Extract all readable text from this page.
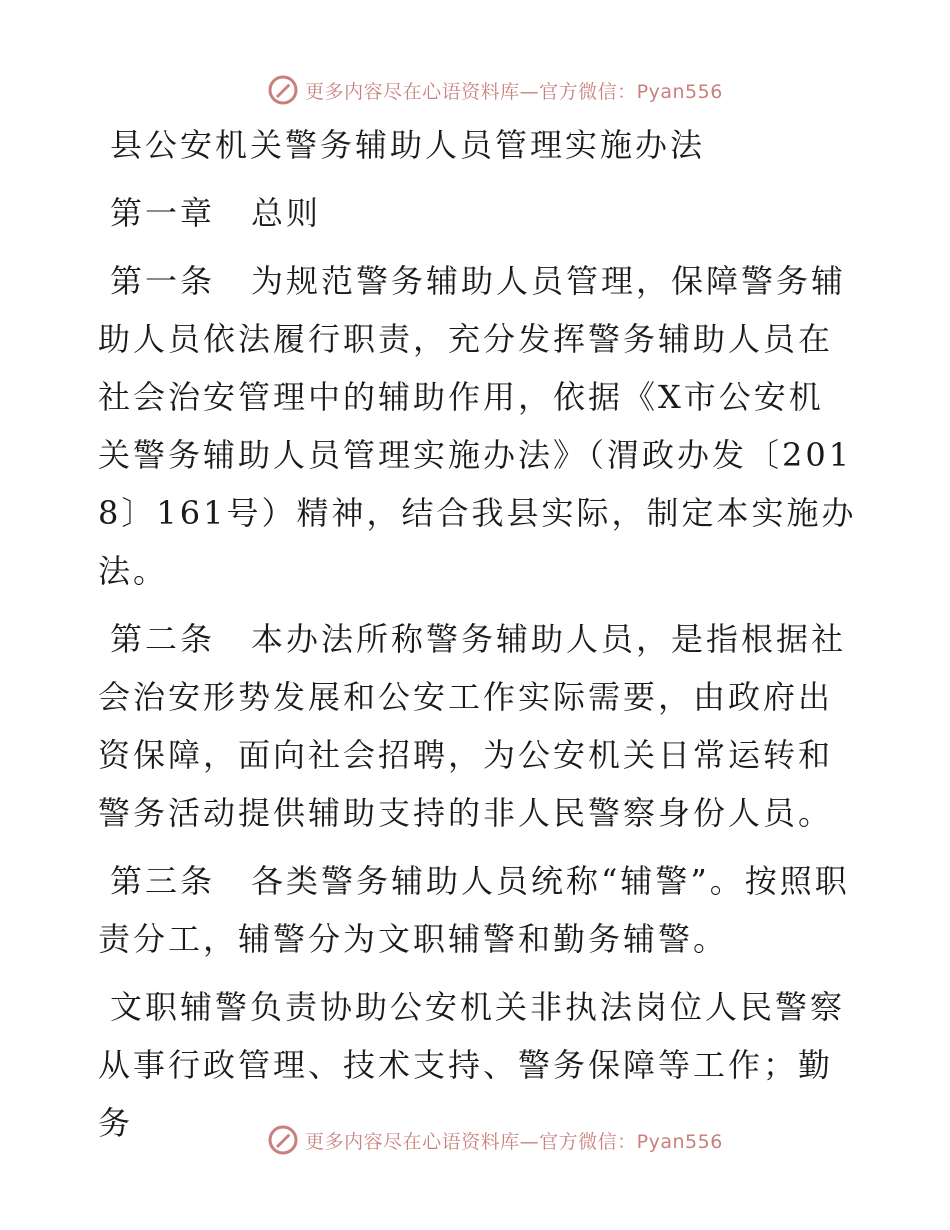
更多内容尽在心语资料库—官方微信：Pyan556
县公安机关警务辅助人员管理实施办法

第一章 总则

第一条 为规范警务辅助人员管理，保障警务辅助人员依法履行职责，充分发挥警务辅助人员在社会治安管理中的辅助作用，依据《X市公安机关警务辅助人员管理实施办法》（渭政办发〔2018〕161号）精神，结合我县实际，制定本实施办法。

第二条 本办法所称警务辅助人员，是指根据社会治安形势发展和公安工作实际需要，由政府出资保障，面向社会招聘，为公安机关日常运转和警务活动提供辅助支持的非人民警察身份人员。

第三条 各类警务辅助人员统称“辅警”。按照职责分工，辅警分为文职辅警和勤务辅警。

文职辅警负责协助公安机关非执法岗位人民警察从事行政管理、技术支持、警务保障等工作；勤务	更多内容尽在心语资料库—官方微信：Pyan556
